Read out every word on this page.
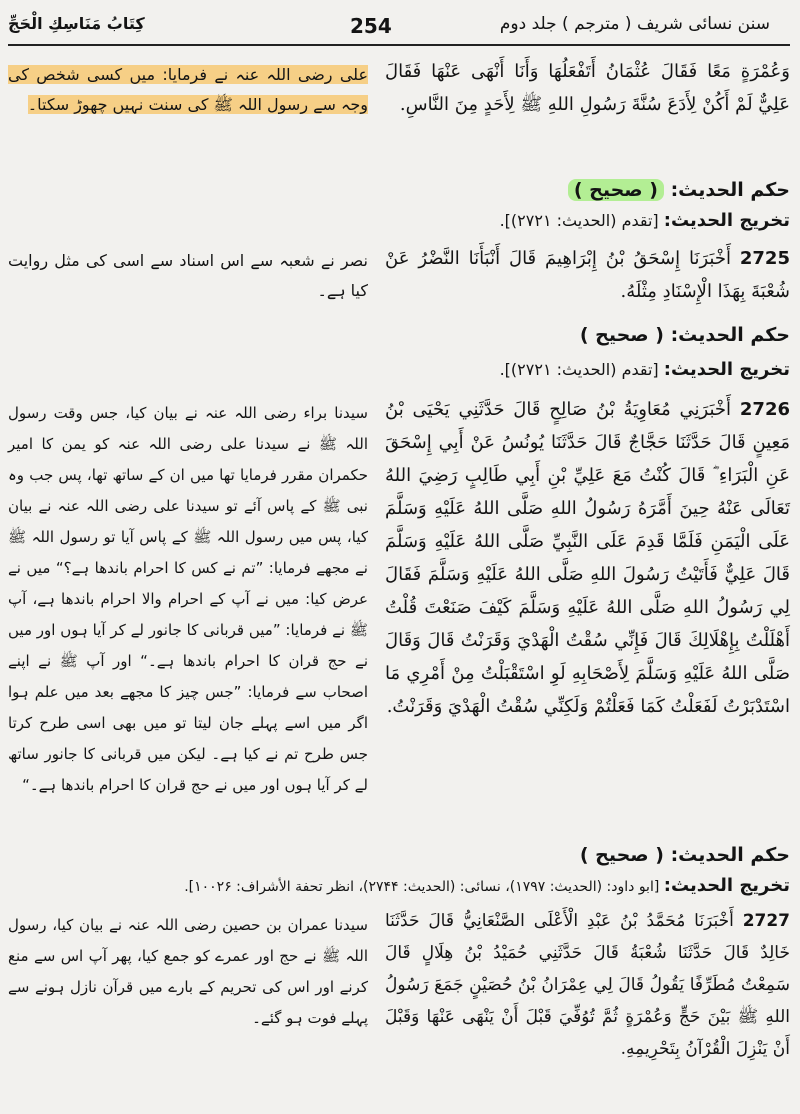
كِتَابُ مَنَاسِكِ الْحَجِّ	254	سنن نسائی شریف ( مترجم ) جلد دوم
وَعُمْرَةٍ مَعًا فَقَالَ عُثْمَانُ أَتَفْعَلُهَا وَأَنَا أَنْهَى عَنْهَا فَقَالَ عَلِيٌّ لَمْ أَكُنْ لِأَدَعَ سُنَّةَ رَسُولِ اللهِ ﷺ لِأَحَدٍ مِنَ النَّاسِ.
علی رضی اللہ عنہ نے فرمایا: میں کسی شخص کی وجہ سے رسول اللہ ﷺ کی سنت نہیں چھوڑ سکتا۔
حکم الحدیث: ( صحیح )
تخریج الحدیث: [تقدم (الحدیث: ۲۷۲۱)].
2725 أَخْبَرَنَا إِسْحَقُ بْنُ إِبْرَاهِيمَ قَالَ أَنْبَأَنَا النَّضْرُ عَنْ شُعْبَةَ بِهَذَا الْإِسْنَادِ مِثْلَهُ.
نصر نے شعبہ سے اس اسناد سے اسی کی مثل روایت کیا ہے۔
حکم الحدیث: ( صحیح )
تخریج الحدیث: [تقدم (الحدیث: ۲۷۲۱)].
2726 أَخْبَرَنِي مُعَاوِيَةُ بْنُ صَالِحٍ قَالَ حَدَّثَنِي يَحْيَى بْنُ مَعِينٍ قَالَ حَدَّثَنَا حَجَّاجٌ قَالَ حَدَّثَنَا يُونُسُ عَنْ أَبِي إِسْحَقَ عَنِ الْبَرَاءِ ؓ قَالَ كُنْتُ مَعَ عَلِيِّ بْنِ أَبِي طَالِبٍ رَضِيَ اللهُ تَعَالَى عَنْهُ حِينَ أَمَّرَهُ رَسُولُ اللهِ صَلَّى اللهُ عَلَيْهِ وَسَلَّمَ عَلَى الْيَمَنِ فَلَمَّا قَدِمَ عَلَى النَّبِيِّ صَلَّى اللهُ عَلَيْهِ وَسَلَّمَ قَالَ عَلِيٌّ فَأَتَيْتُ رَسُولَ اللهِ صَلَّى اللهُ عَلَيْهِ وَسَلَّمَ فَقَالَ لِي رَسُولُ اللهِ صَلَّى اللهُ عَلَيْهِ وَسَلَّمَ كَيْفَ صَنَعْتَ قُلْتُ أَهْلَلْتُ بِإِهْلَالِكَ قَالَ فَإِنِّي سُقْتُ الْهَدْيَ وَقَرَنْتُ قَالَ وَقَالَ صَلَّى اللهُ عَلَيْهِ وَسَلَّمَ لِأَصْحَابِهِ لَوِ اسْتَقْبَلْتُ مِنْ أَمْرِي مَا اسْتَدْبَرْتُ لَفَعَلْتُ كَمَا فَعَلْتُمْ وَلَكِنِّي سُقْتُ الْهَدْيَ وَقَرَنْتُ.
سیدنا براء رضی اللہ عنہ نے بیان کیا، جس وقت رسول اللہ ﷺ نے سیدنا علی رضی اللہ عنہ کو یمن کا امیر حکمران مقرر فرمایا تھا میں ان کے ساتھ تھا، پس جب وہ نبی ﷺ کے پاس آئے تو سیدنا علی رضی اللہ عنہ نے بیان کیا، پس میں رسول اللہ ﷺ کے پاس آیا تو رسول اللہ ﷺ نے مجھے فرمایا: ”تم نے کس کا احرام باندھا ہے؟“ میں نے عرض کیا: میں نے آپ کے احرام والا احرام باندھا ہے، آپ ﷺ نے فرمایا: ”میں قربانی کا جانور لے کر آیا ہوں اور میں نے حج قران کا احرام باندھا ہے۔“ اور آپ ﷺ نے اپنے اصحاب سے فرمایا: ”جس چیز کا مجھے بعد میں علم ہوا اگر میں اسے پہلے جان لیتا تو میں بھی اسی طرح کرتا جس طرح تم نے کیا ہے۔ لیکن میں قربانی کا جانور ساتھ لے کر آیا ہوں اور میں نے حج قران کا احرام باندھا ہے۔“
حکم الحدیث: ( صحیح )
تخریج الحدیث: [ابو داود: (الحدیث: ۱۷۹۷)، نسائی: (الحدیث: ۲۷۴۴)، انظر تحفة الأشراف: ۱۰۰۲۶].
2727 أَخْبَرَنَا مُحَمَّدُ بْنُ عَبْدِ الْأَعْلَى الصَّنْعَانِيُّ قَالَ حَدَّثَنَا خَالِدٌ قَالَ حَدَّثَنَا شُعْبَةُ قَالَ حَدَّثَنِي حُمَيْدُ بْنُ هِلَالٍ قَالَ سَمِعْتُ مُطَرِّفًا يَقُولُ قَالَ لِي عِمْرَانُ بْنُ حُصَيْنٍ جَمَعَ رَسُولُ اللهِ ﷺ بَيْنَ حَجٍّ وَعُمْرَةٍ ثُمَّ تُوُفِّيَ قَبْلَ أَنْ يَنْهَى عَنْهَا وَقَبْلَ أَنْ يَنْزِلَ الْقُرْآنُ بِتَحْرِيمِهِ.
سیدنا عمران بن حصین رضی اللہ عنہ نے بیان کیا، رسول اللہ ﷺ نے حج اور عمرے کو جمع کیا، پھر آپ اس سے منع کرنے اور اس کی تحریم کے بارے میں قرآن نازل ہونے سے پہلے فوت ہو گئے۔
